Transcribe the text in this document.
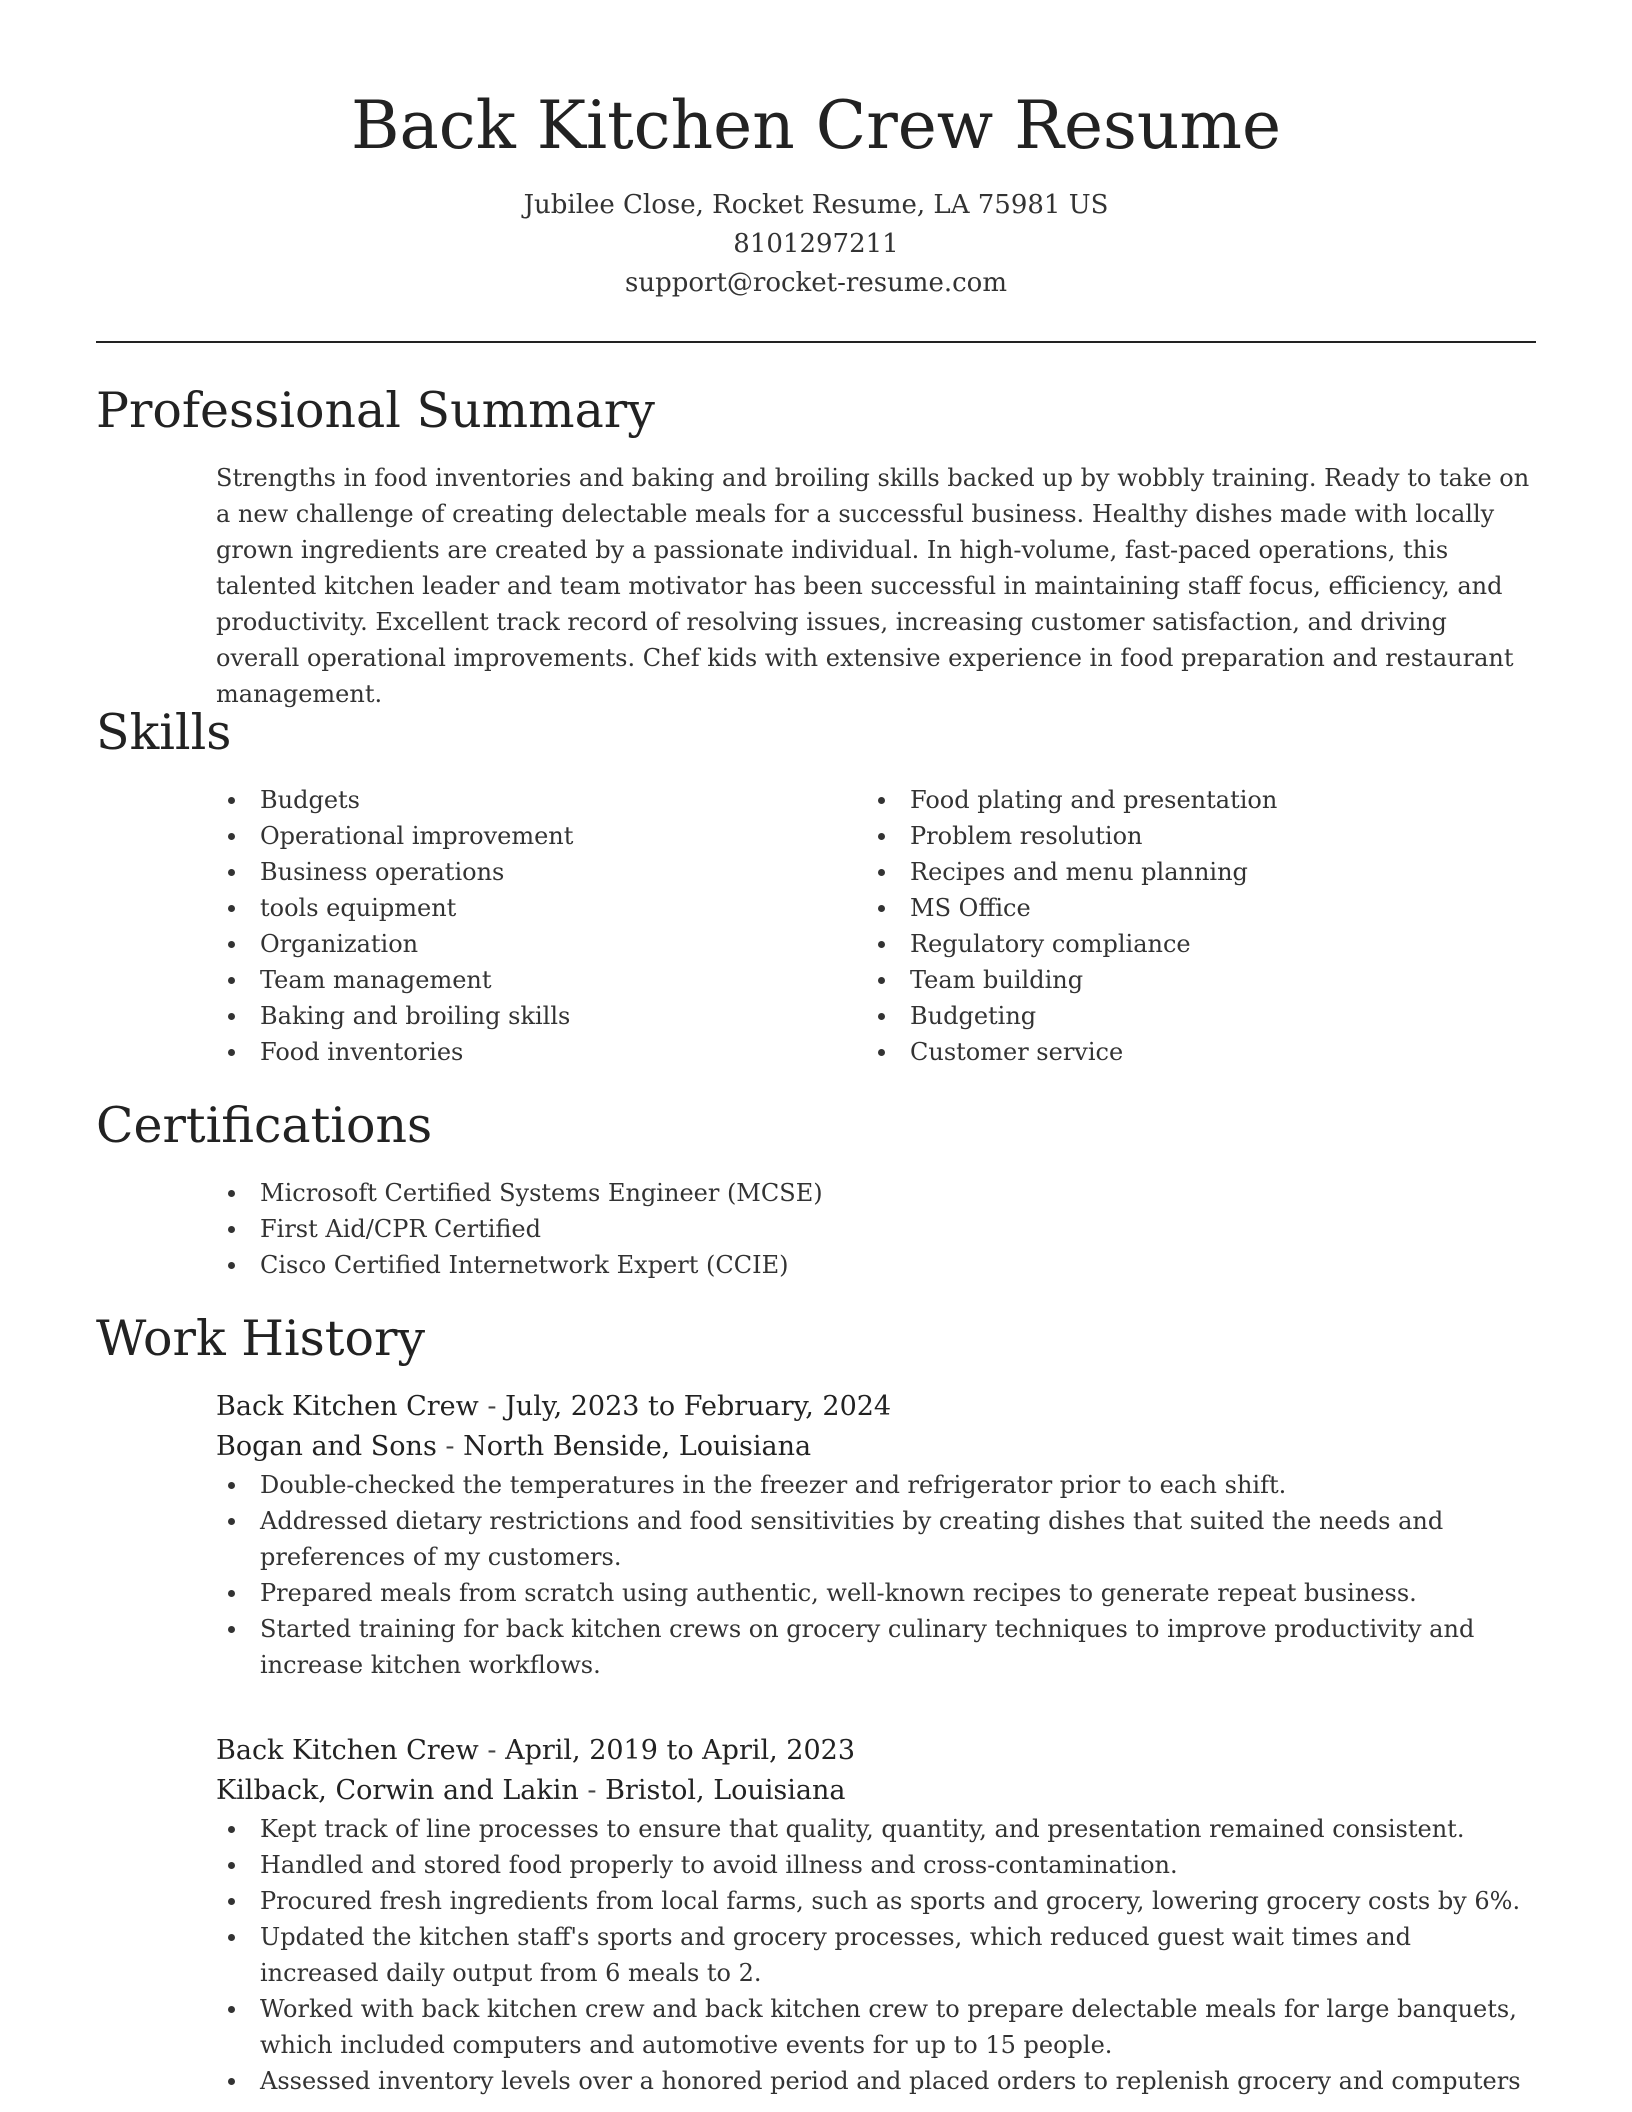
Back Kitchen Crew Resume
Jubilee Close, Rocket Resume, LA 75981 US
8101297211
support@rocket-resume.com
Professional Summary

Strengths in food inventories and baking and broiling skills backed up by wobbly training. Ready to take on a new challenge of creating delectable meals for a successful business. Healthy dishes made with locally grown ingredients are created by a passionate individual. In high-volume, fast-paced operations, this talented kitchen leader and team motivator has been successful in maintaining staff focus, efficiency, and productivity. Excellent track record of resolving issues, increasing customer satisfaction, and driving overall operational improvements. Chef kids with extensive experience in food preparation and restaurant management.

Skills
Budgets
Operational improvement
Business operations
tools equipment
Organization
Team management
Baking and broiling skills
Food inventories
Food plating and presentation
Problem resolution
Recipes and menu planning
MS Office
Regulatory compliance
Team building
Budgeting
Customer service
Certifications
Microsoft Certified Systems Engineer (MCSE)
First Aid/CPR Certified
Cisco Certified Internetwork Expert (CCIE)
Work History
Back Kitchen Crew - July, 2023 to February, 2024
Bogan and Sons - North Benside, Louisiana
Double-checked the temperatures in the freezer and refrigerator prior to each shift.
Addressed dietary restrictions and food sensitivities by creating dishes that suited the needs and preferences of my customers.
Prepared meals from scratch using authentic, well-known recipes to generate repeat business.
Started training for back kitchen crews on grocery culinary techniques to improve productivity and increase kitchen workflows.
Back Kitchen Crew - April, 2019 to April, 2023
Kilback, Corwin and Lakin - Bristol, Louisiana
Kept track of line processes to ensure that quality, quantity, and presentation remained consistent.
Handled and stored food properly to avoid illness and cross-contamination.
Procured fresh ingredients from local farms, such as sports and grocery, lowering grocery costs by 6%.
Updated the kitchen staff's sports and grocery processes, which reduced guest wait times and increased daily output from 6 meals to 2.
Worked with back kitchen crew and back kitchen crew to prepare delectable meals for large banquets, which included computers and automotive events for up to 15 people.
Assessed inventory levels over a honored period and placed orders to replenish grocery and computers
